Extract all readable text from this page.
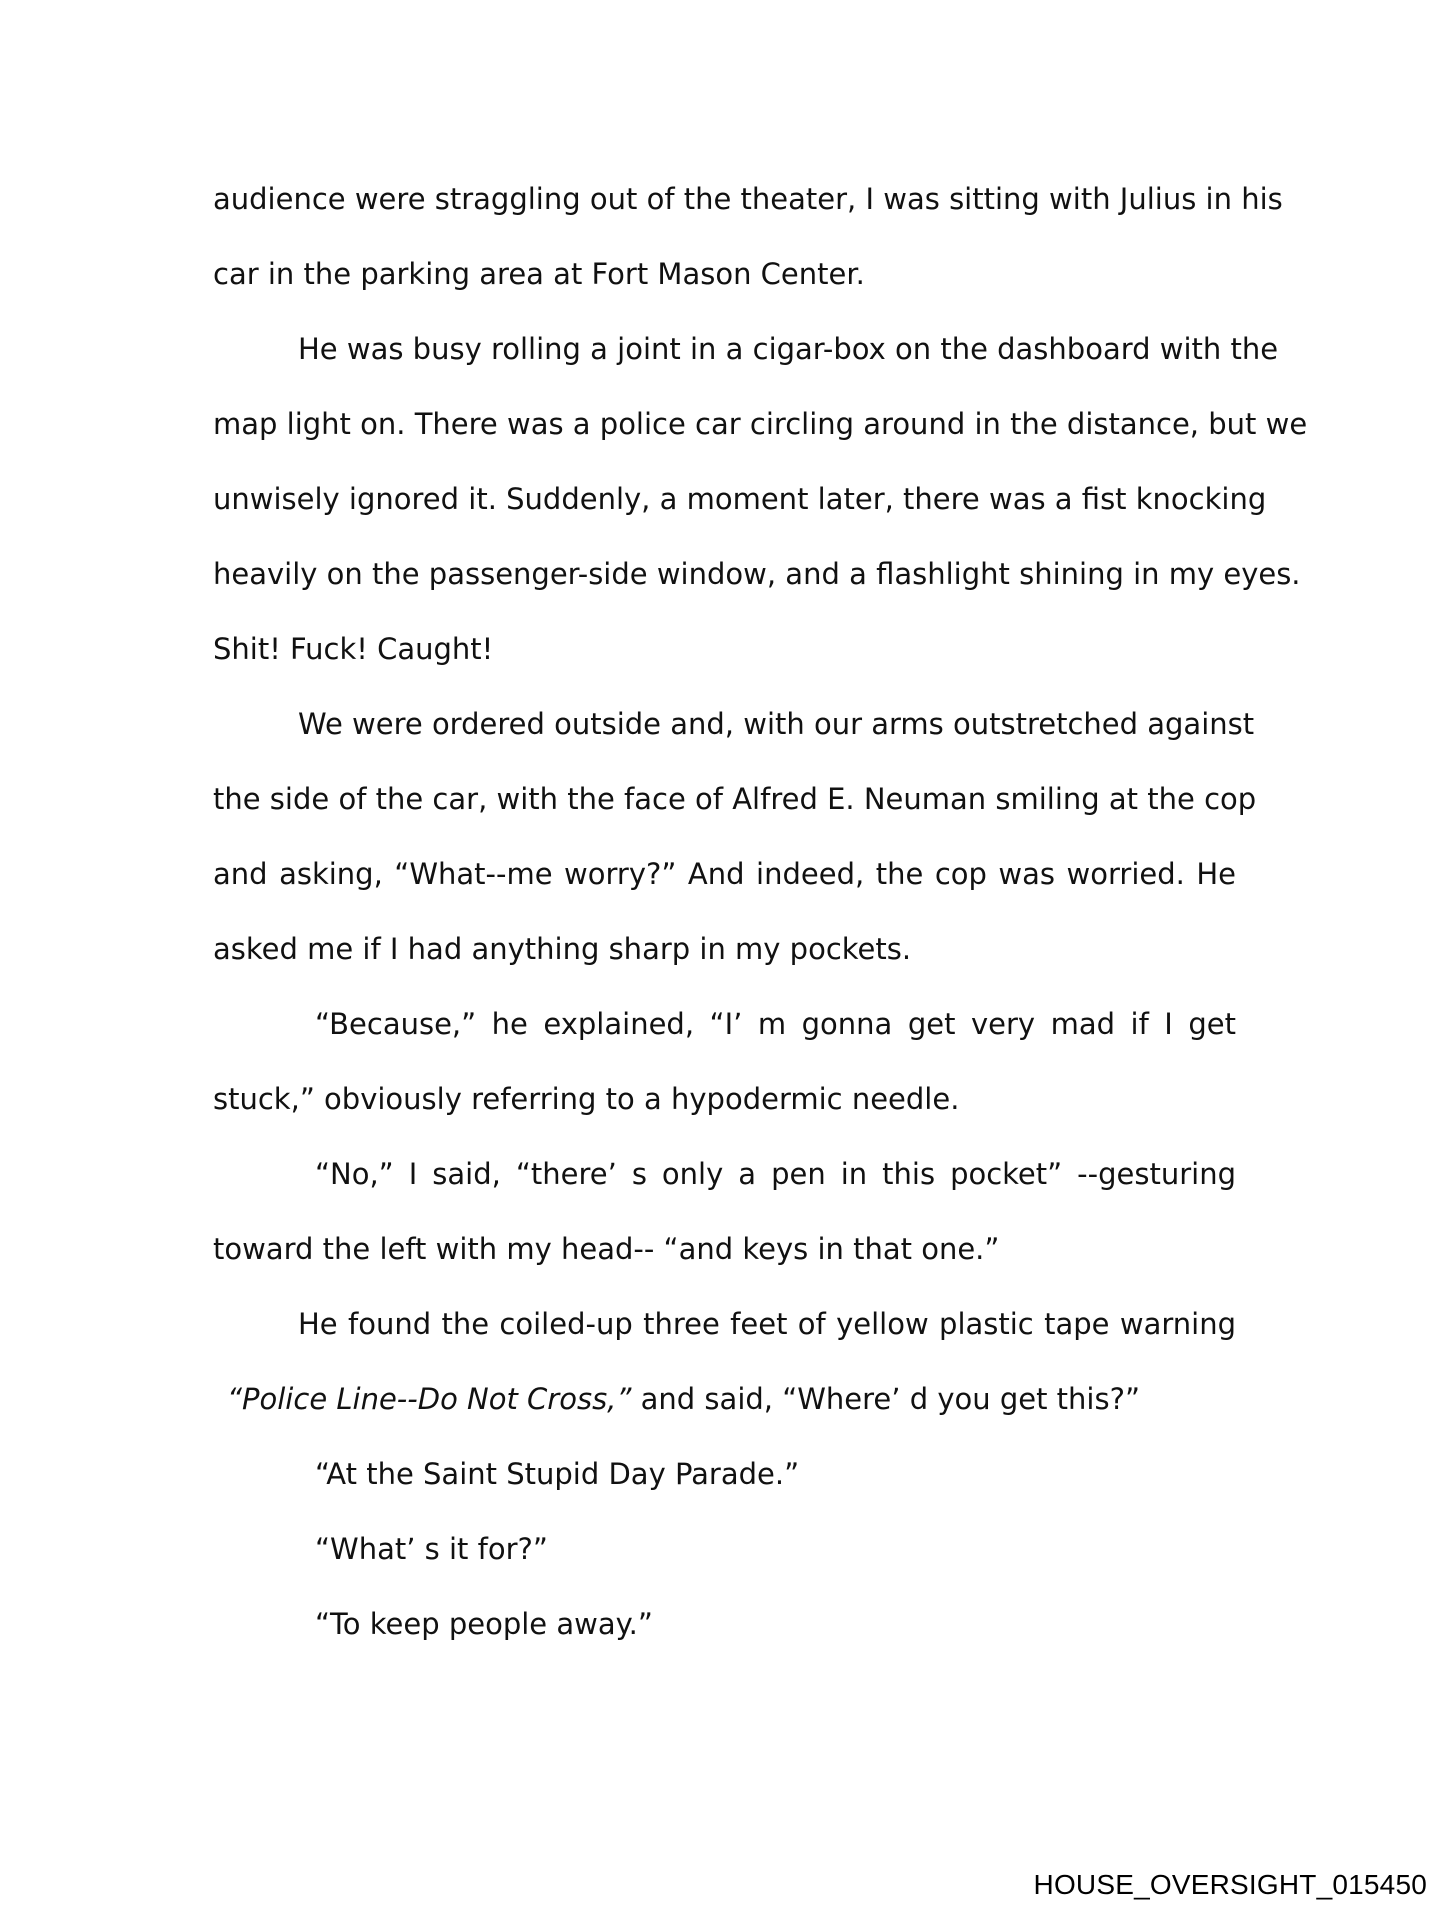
audience were straggling out of the theater, I was sitting with Julius in his
car in the parking area at Fort Mason Center.
He was busy rolling a joint in a cigar-box on the dashboard with the
map light on. There was a police car circling around in the distance, but we
unwisely ignored it. Suddenly, a moment later, there was a fist knocking
heavily on the passenger-side window, and a flashlight shining in my eyes.
Shit! Fuck! Caught!
We were ordered outside and, with our arms outstretched against
the side of the car, with the face of Alfred E. Neuman smiling at the cop
and asking, “What--me worry?” And indeed, the cop was worried. He
asked me if I had anything sharp in my pockets.
“Because,” he explained, “I’ m gonna get very mad if I get
stuck,” obviously referring to a hypodermic needle.
“No,” I said, “there’ s only a pen in this pocket” --gesturing
toward the left with my head-- “and keys in that one.”
He found the coiled-up three feet of yellow plastic tape warning
“Police Line--Do Not Cross,” and said, “Where’ d you get this?”
“At the Saint Stupid Day Parade.”
“What’ s it for?”
“To keep people away.”
HOUSE_OVERSIGHT_015450
